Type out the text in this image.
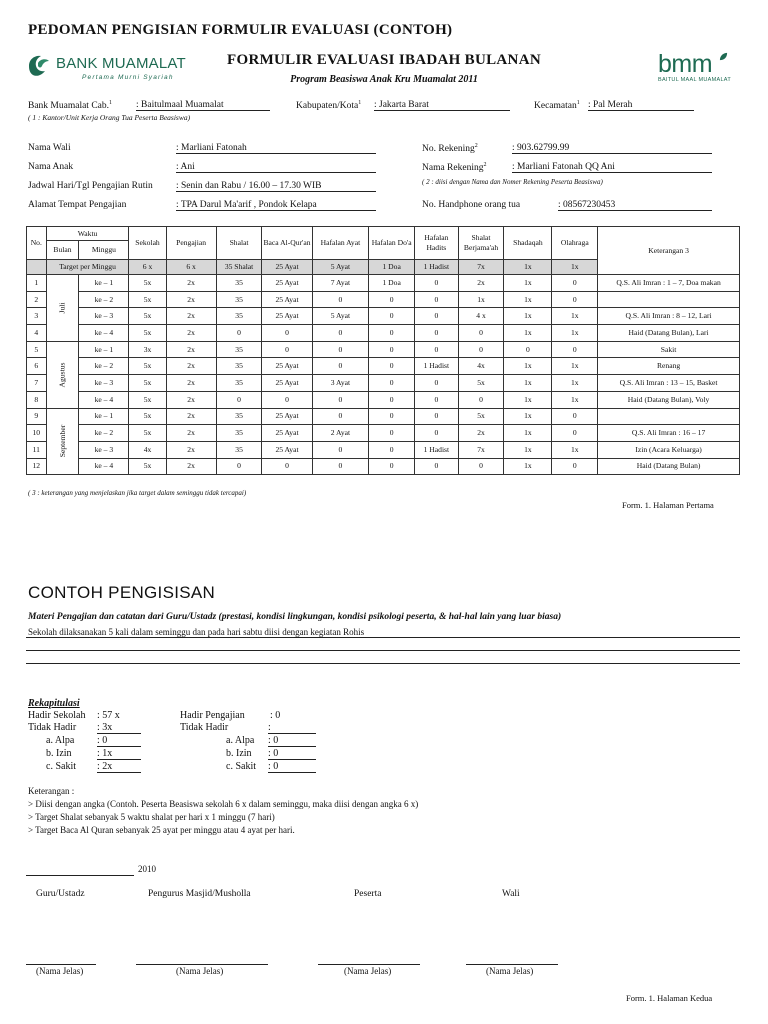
PEDOMAN PENGISIAN FORMULIR EVALUASI (CONTOH)
BANK MUAMALAT
Pertama Murni Syariah
FORMULIR EVALUASI IBADAH BULANAN
Program Beasiswa Anak Kru Muamalat 2011
bmm
BAITUL MAAL MUAMALAT
Bank Muamalat Cab.$^1$	: Baitulmaal Muamalat	Kabupaten/Kota$^1$ : Jakarta Barat	Kecamatan$^1$ : Pal Merah
( 1 : Kantor/Unit Kerja Orang Tua Peserta Beasiswa)
Nama Wali	: Marliani Fatonah
Nama Anak	: Ani
Jadwal Hari/Tgl Pengajian Rutin : Senin dan Rabu / 16.00 – 17.30 WIB
Alamat Tempat Pengajian	: TPA Darul Ma'arif , Pondok Kelapa
No. Rekening$^2$	: 903.62799.99
Nama Rekening$^2$	: Marliani Fatonah QQ Ani
( 2 : diisi dengan Nama dan Nomer Rekening Peserta Beasiswa)
No. Handphone orang tua	: 08567230453
No.	Waktu		Sekolah	Pengajian	Shalat	Baca Al-Qur'an	Hafalan Ayat	Hafalan Do'a	Hafalan Hadits	Shalat Berjama'ah	Shadaqah	Olahraga	Keterangan 3
	Bulan	Minggu											
	Target per Minggu		6 x	6 x	35 Shalat	25 Ayat	5 Ayat	1 Doa	1 Hadist	7x	1x	1x	
1	Juli	ke – 1	5x	2x	35	25 Ayat	7 Ayat	1 Doa	0	2x	1x	0	Q.S. Ali Imran : 1 – 7, Doa makan
2		ke – 2	5x	2x	35	25 Ayat	0	0	0	1x	1x	0	
3		ke – 3	5x	2x	35	25 Ayat	5 Ayat	0	0	4 x	1x	1x	Q.S. Ali Imran : 8 – 12, Lari
4		ke – 4	5x	2x	0	0	0	0	0	0	1x	1x	Haid (Datang Bulan), Lari
5	Agustus	ke – 1	3x	2x	35	0	0	0	0	0	0	0	Sakit
6		ke – 2	5x	2x	35	25 Ayat	0	0	1 Hadist	4x	1x	1x	Renang
7		ke – 3	5x	2x	35	25 Ayat	3 Ayat	0	0	5x	1x	1x	Q.S. Ali Imran : 13 – 15, Basket
8		ke – 4	5x	2x	0	0	0	0	0	0	1x	1x	Haid (Datang Bulan), Voly
9	September	ke – 1	5x	2x	35	25 Ayat	0	0	0	5x	1x	0	
10		ke – 2	5x	2x	35	25 Ayat	2 Ayat	0	0	2x	1x	0	Q.S. Ali Imran : 16 – 17
11		ke – 3	4x	2x	35	25 Ayat	0	0	1 Hadist	7x	1x	1x	Izin (Acara Keluarga)
12		ke – 4	5x	2x	0	0	0	0	0	0	1x	0	Haid (Datang Bulan)
( 3 : keterangan yang menjelaskan jika target dalam seminggu tidak tercapai)
Form. 1. Halaman Pertama
CONTOH PENGISISAN
Materi Pengajian dan catatan dari Guru/Ustadz (prestasi, kondisi lingkungan, kondisi psikologi peserta, & hal-hal lain yang luar biasa)
Sekolah dilaksanakan 5 kali dalam seminggu dan pada hari sabtu diisi dengan kegiatan Rohis
Rekapitulasi
Hadir Sekolah : 57 x
Tidak Hadir : 3x
a. Alpa : 0
b. Izin	: 1x
c. Sakit : 2x
Hadir Pengajian	: 0
Tidak Hadir	:
a. Alpa : 0
b. Izin : 0
c. Sakit : 0
Keterangan :
> Diisi dengan angka (Contoh. Peserta Beasiswa sekolah 6 x dalam seminggu, maka diisi dengan angka 6 x)
> Target Shalat sebanyak 5 waktu shalat per hari x 1 minggu (7 hari)
> Target Baca Al Quran sebanyak 25 ayat per minggu atau 4 ayat per hari.
2010
Guru/Ustadz	Pengurus Masjid/Musholla	Peserta	Wali
(Nama Jelas)	(Nama Jelas)	(Nama Jelas)	(Nama Jelas)
Form. 1. Halaman Kedua
